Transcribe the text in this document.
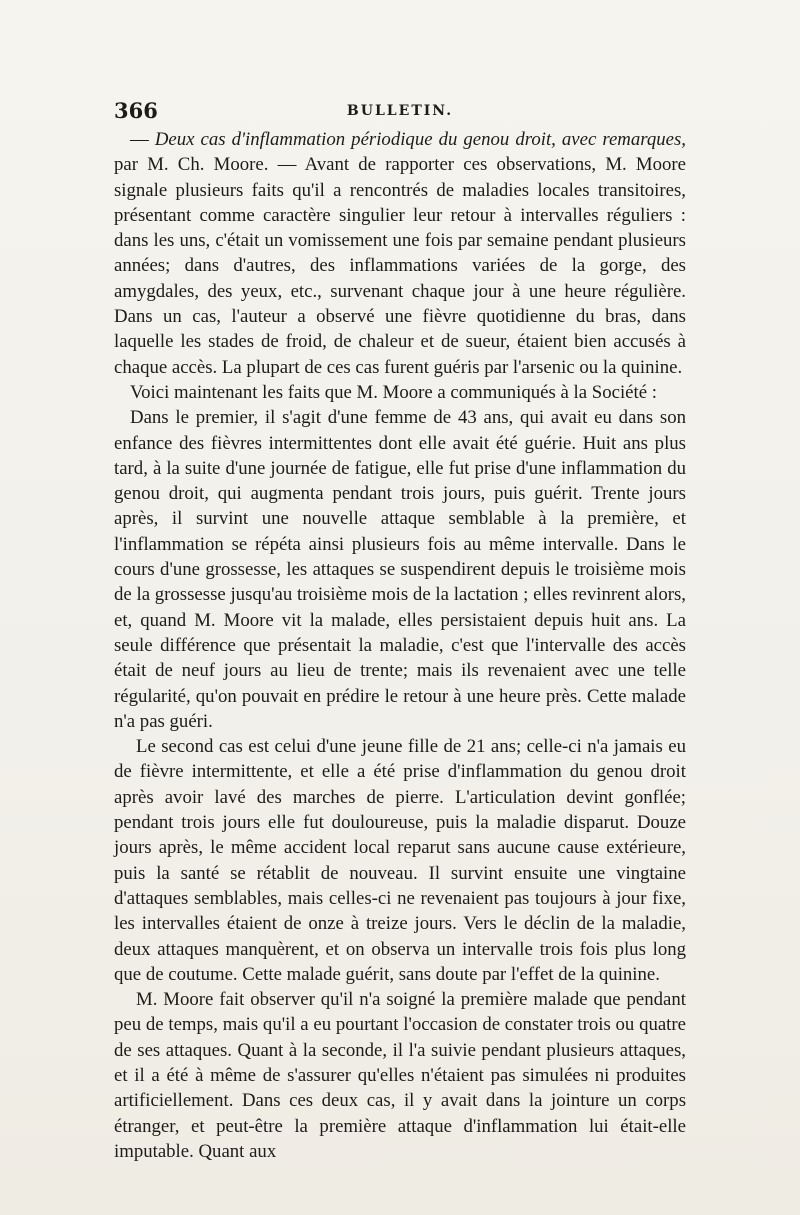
366	BULLETIN.

— Deux cas d'inflammation périodique du genou droit, avec remarques, par M. Ch. Moore. — Avant de rapporter ces observations, M. Moore signale plusieurs faits qu'il a rencontrés de maladies locales transitoires, présentant comme caractère singulier leur retour à intervalles réguliers : dans les uns, c'était un vomissement une fois par semaine pendant plusieurs années; dans d'autres, des inflammations variées de la gorge, des amygdales, des yeux, etc., survenant chaque jour à une heure régulière. Dans un cas, l'auteur a observé une fièvre quotidienne du bras, dans laquelle les stades de froid, de chaleur et de sueur, étaient bien accusés à chaque accès. La plupart de ces cas furent guéris par l'arsenic ou la quinine.

Voici maintenant les faits que M. Moore a communiqués à la Société :

Dans le premier, il s'agit d'une femme de 43 ans, qui avait eu dans son enfance des fièvres intermittentes dont elle avait été guérie. Huit ans plus tard, à la suite d'une journée de fatigue, elle fut prise d'une inflammation du genou droit, qui augmenta pendant trois jours, puis guérit. Trente jours après, il survint une nouvelle attaque semblable à la première, et l'inflammation se répéta ainsi plusieurs fois au même intervalle. Dans le cours d'une grossesse, les attaques se suspendirent depuis le troisième mois de la grossesse jusqu'au troisième mois de la lactation ; elles revinrent alors, et, quand M. Moore vit la malade, elles persistaient depuis huit ans. La seule différence que présentait la maladie, c'est que l'intervalle des accès était de neuf jours au lieu de trente; mais ils revenaient avec une telle régularité, qu'on pouvait en prédire le retour à une heure près. Cette malade n'a pas guéri.

Le second cas est celui d'une jeune fille de 21 ans; celle-ci n'a jamais eu de fièvre intermittente, et elle a été prise d'inflammation du genou droit après avoir lavé des marches de pierre. L'articulation devint gonflée; pendant trois jours elle fut douloureuse, puis la maladie disparut. Douze jours après, le même accident local reparut sans aucune cause extérieure, puis la santé se rétablit de nouveau. Il survint ensuite une vingtaine d'attaques semblables, mais celles-ci ne revenaient pas toujours à jour fixe, les intervalles étaient de onze à treize jours. Vers le déclin de la maladie, deux attaques manquèrent, et on observa un intervalle trois fois plus long que de coutume. Cette malade guérit, sans doute par l'effet de la quinine.

M. Moore fait observer qu'il n'a soigné la première malade que pendant peu de temps, mais qu'il a eu pourtant l'occasion de constater trois ou quatre de ses attaques. Quant à la seconde, il l'a suivie pendant plusieurs attaques, et il a été à même de s'assurer qu'elles n'étaient pas simulées ni produites artificiellement. Dans ces deux cas, il y avait dans la jointure un corps étranger, et peut-être la première attaque d'inflammation lui était-elle imputable. Quant aux
